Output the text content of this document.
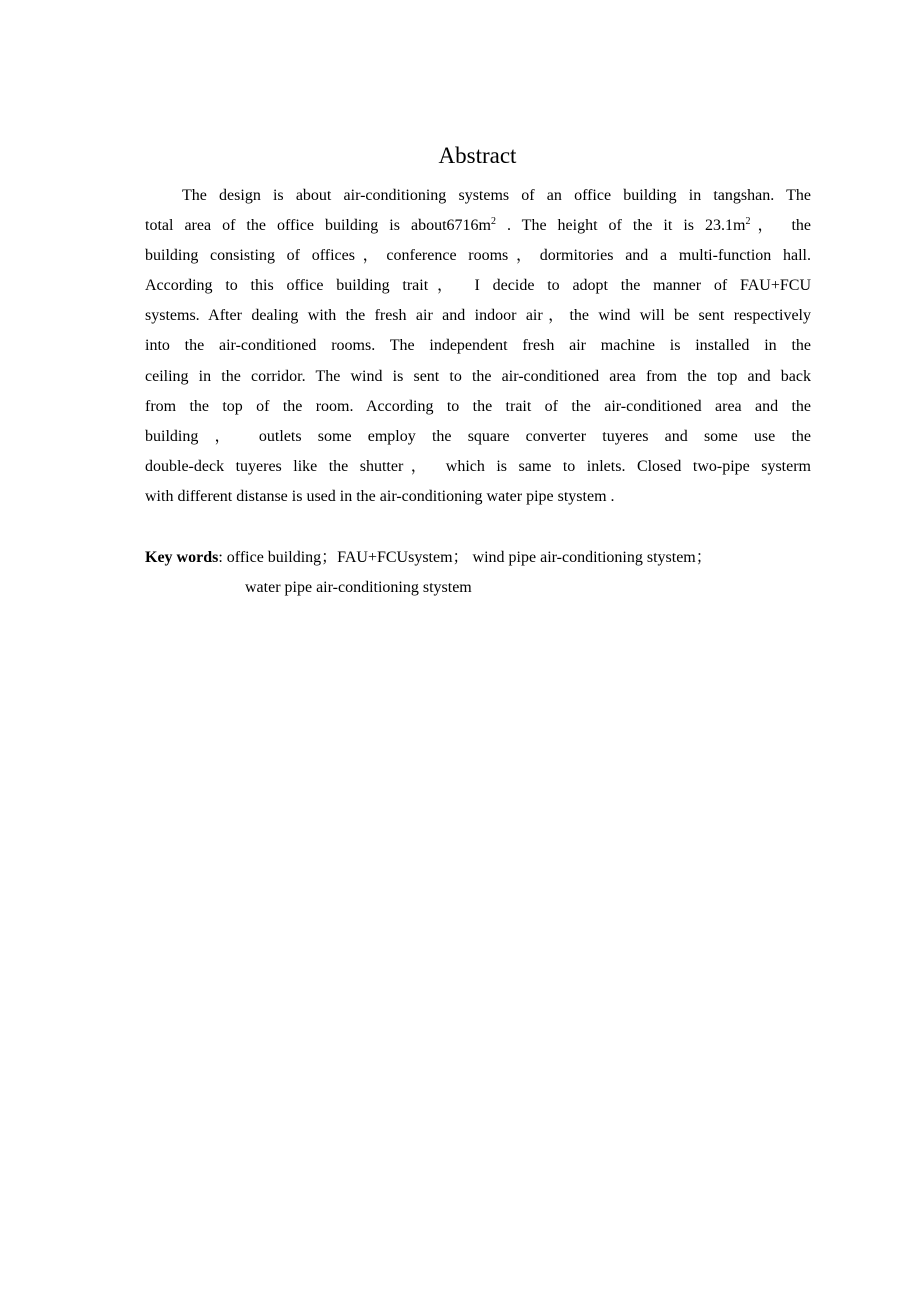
Abstract
The design is about air-conditioning systems of an office building in tangshan. The
total area of the office building is $about6716m^2$ . The height of the it is $23.1m^2$， the
building consisting of offices，conference rooms，dormitories and a multi-function hall.
According to this office building trait， I decide to adopt the manner of FAU+FCU
systems. After dealing with the fresh air and indoor air，the wind will be sent respectively
into the air-conditioned rooms. The independent fresh air machine is installed in the
ceiling in the corridor. The wind is sent to the air-conditioned area from the top and back
from the top of the room. According to the trait of the air-conditioned area and the
building ， outlets some employ the square converter tuyeres and some use the
double-deck tuyeres like the shutter， which is same to inlets. Closed two-pipe systerm
with different distanse is used in the air-conditioning water pipe stystem .
Key words: office building；FAU+FCUsystem； wind pipe air-conditioning stystem；
water pipe air-conditioning stystem
